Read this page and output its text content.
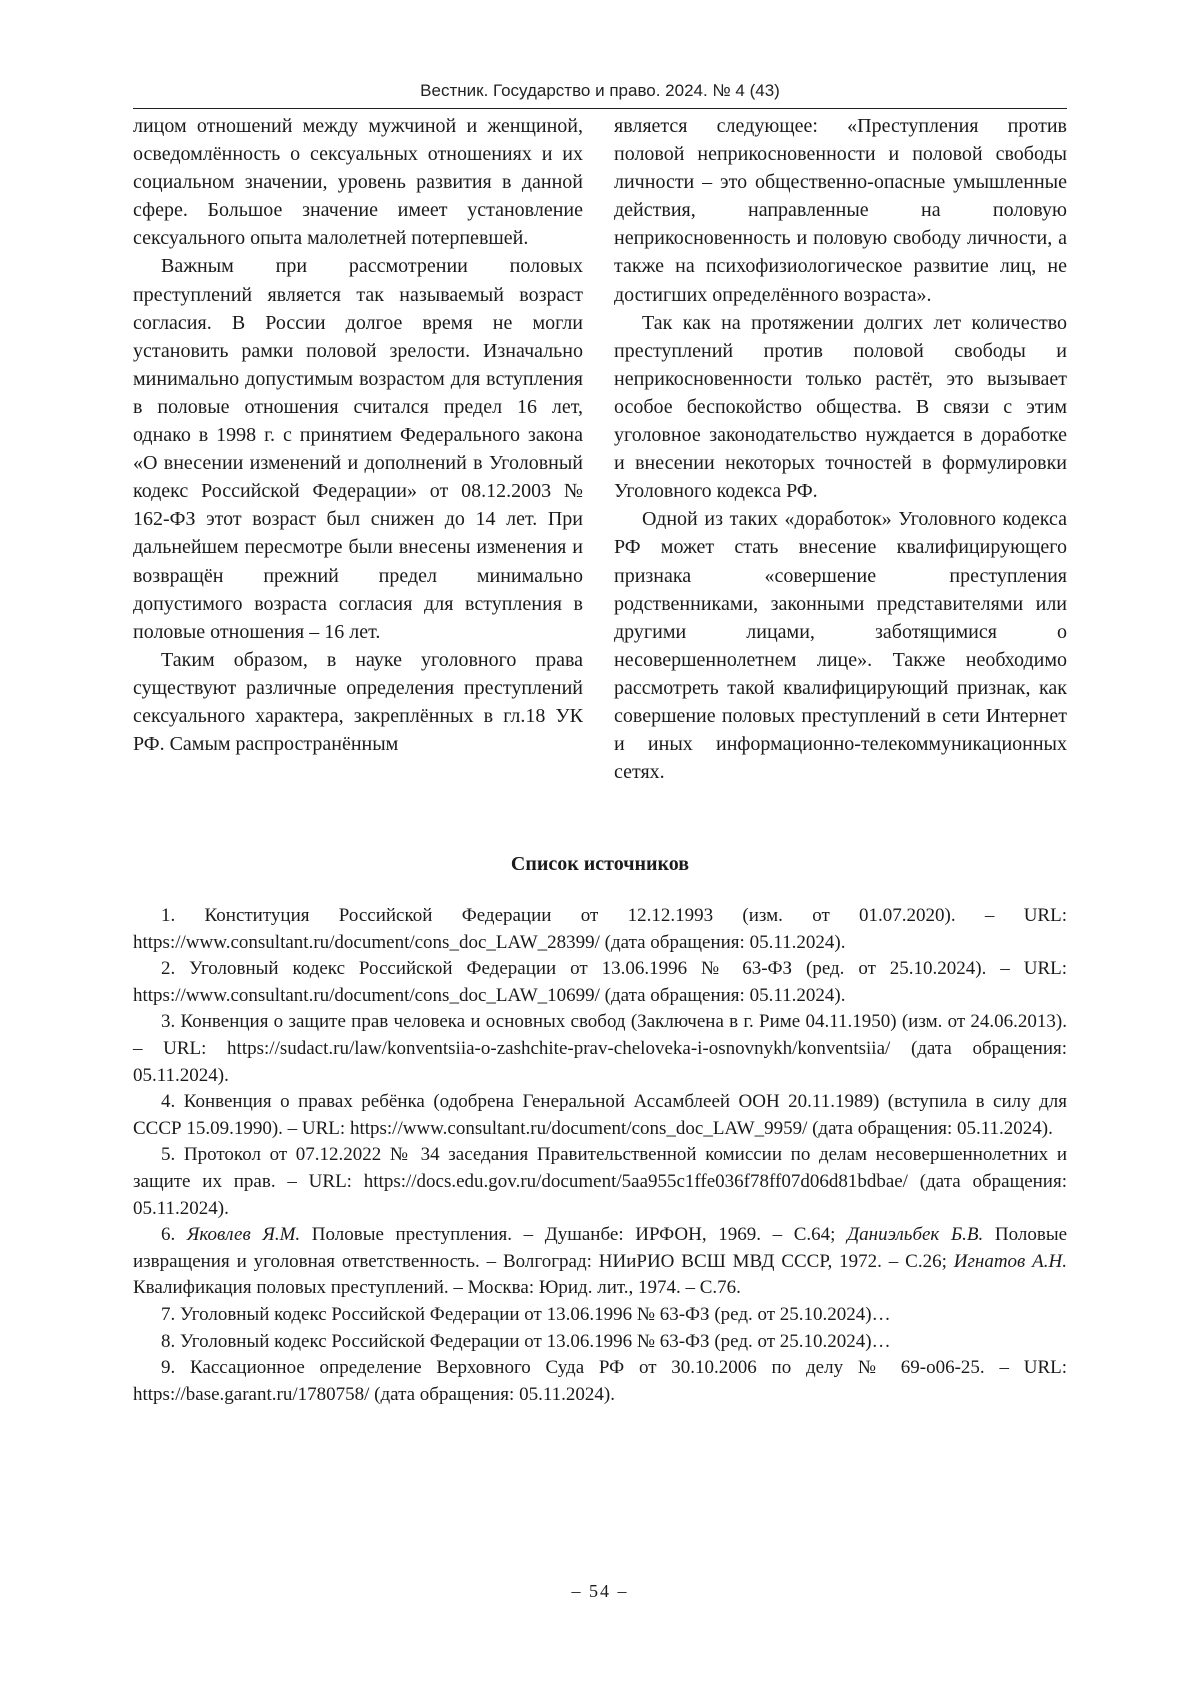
Вестник. Государство и право. 2024. № 4 (43)

лицом отношений между мужчиной и женщиной, осведомлённость о сексуальных отношениях и их социальном значении, уровень развития в данной сфере. Большое значение имеет установление сексуального опыта малолетней потерпевшей.

Важным при рассмотрении половых преступлений является так называемый возраст согласия. В России долгое время не могли установить рамки половой зрелости. Изначально минимально допустимым возрастом для вступления в половые отношения считался предел 16 лет, однако в 1998 г. с принятием Федерального закона «О внесении изменений и дополнений в Уголовный кодекс Российской Федерации» от 08.12.2003 № 162-ФЗ этот возраст был снижен до 14 лет. При дальнейшем пересмотре были внесены изменения и возвращён прежний предел минимально допустимого возраста согласия для вступления в половые отношения – 16 лет.

Таким образом, в науке уголовного права существуют различные определения преступлений сексуального характера, закреплённых в гл.18 УК РФ. Самым распространённым

является следующее: «Преступления против половой неприкосновенности и половой свободы личности – это общественно-опасные умышленные действия, направленные на половую неприкосновенность и половую свободу личности, а также на психофизиологическое развитие лиц, не достигших определённого возраста».

Так как на протяжении долгих лет количество преступлений против половой свободы и неприкосновенности только растёт, это вызывает особое беспокойство общества. В связи с этим уголовное законодательство нуждается в доработке и внесении некоторых точностей в формулировки Уголовного кодекса РФ.

Одной из таких «доработок» Уголовного кодекса РФ может стать внесение квалифицирующего признака «совершение преступления родственниками, законными представителями или другими лицами, заботящимися о несовершеннолетнем лице». Также необходимо рассмотреть такой квалифицирующий признак, как совершение половых преступлений в сети Интернет и иных информационно-телекоммуникационных сетях.

Список источников

1. Конституция Российской Федерации от 12.12.1993 (изм. от 01.07.2020). – URL: https://www.consultant.ru/document/cons_doc_LAW_28399/ (дата обращения: 05.11.2024).

2. Уголовный кодекс Российской Федерации от 13.06.1996 № 63-ФЗ (ред. от 25.10.2024). – URL: https://www.consultant.ru/document/cons_doc_LAW_10699/ (дата обращения: 05.11.2024).

3. Конвенция о защите прав человека и основных свобод (Заключена в г. Риме 04.11.1950) (изм. от 24.06.2013). – URL: https://sudact.ru/law/konventsiia-o-zashchite-prav-cheloveka-i-osnovnykh/konventsiia/ (дата обращения: 05.11.2024).

4. Конвенция о правах ребёнка (одобрена Генеральной Ассамблеей ООН 20.11.1989) (вступила в силу для СССР 15.09.1990). – URL: https://www.consultant.ru/document/cons_doc_LAW_9959/ (дата обращения: 05.11.2024).

5. Протокол от 07.12.2022 № 34 заседания Правительственной комиссии по делам несовершеннолетних и защите их прав. – URL: https://docs.edu.gov.ru/document/5aa955c1ffe036f78ff07d06d81bdbae/ (дата обращения: 05.11.2024).

6. Яковлев Я.М. Половые преступления. – Душанбе: ИРФОН, 1969. – С.64; Даниэльбек Б.В. Половые извращения и уголовная ответственность. – Волгоград: НИиРИО ВСШ МВД СССР, 1972. – С.26; Игнатов А.Н. Квалификация половых преступлений. – Москва: Юрид. лит., 1974. – С.76.

7. Уголовный кодекс Российской Федерации от 13.06.1996 № 63-ФЗ (ред. от 25.10.2024)…

8. Уголовный кодекс Российской Федерации от 13.06.1996 № 63-ФЗ (ред. от 25.10.2024)…

9. Кассационное определение Верховного Суда РФ от 30.10.2006 по делу № 69-о06-25. – URL: https://base.garant.ru/1780758/ (дата обращения: 05.11.2024).

– 54 –
